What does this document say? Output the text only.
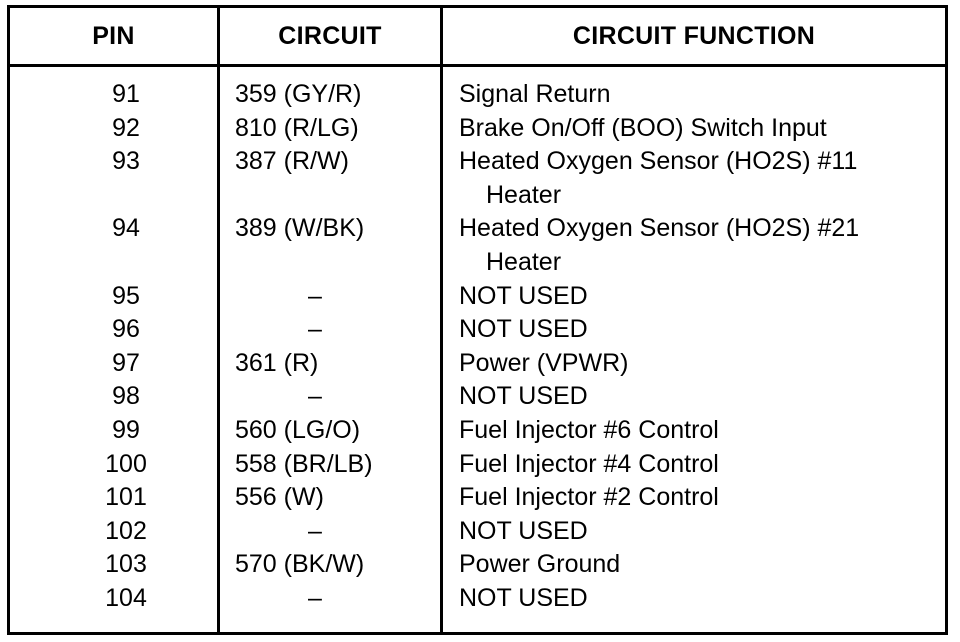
PIN	CIRCUIT	CIRCUIT FUNCTION
91	359 (GY/R)	Signal Return
92	810 (R/LG)	Brake On/Off (BOO) Switch Input
93	387 (R/W)	Heated Oxygen Sensor (HO2S) #11
Heater
94	389 (W/BK)	Heated Oxygen Sensor (HO2S) #21
Heater
95	–	NOT USED
96	–	NOT USED
97	361 (R)	Power (VPWR)
98	–	NOT USED
99	560 (LG/O)	Fuel Injector #6 Control
100	558 (BR/LB)	Fuel Injector #4 Control
101	556 (W)	Fuel Injector #2 Control
102	–	NOT USED
103	570 (BK/W)	Power Ground
104	–	NOT USED
